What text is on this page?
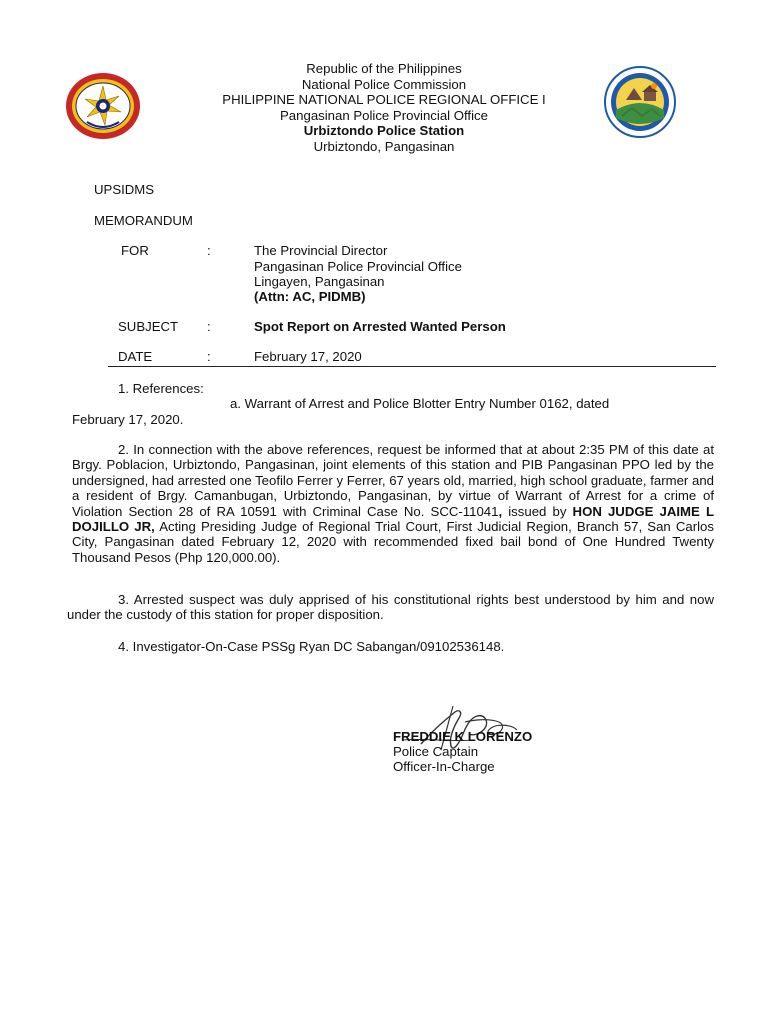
Republic of the Philippines
National Police Commission
PHILIPPINE NATIONAL POLICE REGIONAL OFFICE I
Pangasinan Police Provincial Office
Urbiztondo Police Station
Urbiztondo, Pangasinan
UPSIDMS
MEMORANDUM
FOR	:	The Provincial Director
Pangasinan Police Provincial Office
Lingayen, Pangasinan
(Attn: AC, PIDMB)
SUBJECT :	Spot Report on Arrested Wanted Person
DATE	:	February 17, 2020
1. References:
a. Warrant of Arrest and Police Blotter Entry Number 0162, dated
February 17, 2020.
2. In connection with the above references, request be informed that at about 2:35 PM of this date at Brgy. Poblacion, Urbiztondo, Pangasinan, joint elements of this station and PIB Pangasinan PPO led by the undersigned, had arrested one Teofilo Ferrer y Ferrer, 67 years old, married, high school graduate, farmer and a resident of Brgy. Camanbugan, Urbiztondo, Pangasinan, by virtue of Warrant of Arrest for a crime of Violation Section 28 of RA 10591 with Criminal Case No. SCC-11041, issued by HON JUDGE JAIME L DOJILLO JR, Acting Presiding Judge of Regional Trial Court, First Judicial Region, Branch 57, San Carlos City, Pangasinan dated February 12, 2020 with recommended fixed bail bond of One Hundred Twenty Thousand Pesos (Php 120,000.00).
3. Arrested suspect was duly apprised of his constitutional rights best understood by him and now under the custody of this station for proper disposition.
4. Investigator-On-Case PSSg Ryan DC Sabangan/09102536148.
FREDDIE K LORENZO
Police Captain
Officer-In-Charge
